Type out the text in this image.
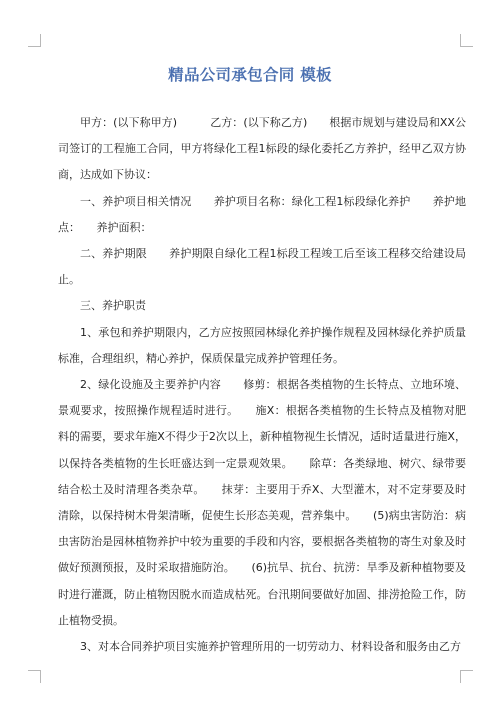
精品公司承包合同 模板

甲方：(以下称甲方)　　　乙方：(以下称乙方)　　根据市规划与建设局和XX公司签订的工程施工合同，甲方将绿化工程1标段的绿化委托乙方养护，经甲乙双方协商，达成如下协议：

一、养护项目相关情况　　养护项目名称：绿化工程1标段绿化养护　　养护地点：　　养护面积：

二、养护期限　　养护期限自绿化工程1标段工程竣工后至该工程移交给建设局止。

三、养护职责

1、承包和养护期限内，乙方应按照园林绿化养护操作规程及园林绿化养护质量标准，合理组织，精心养护，保质保量完成养护管理任务。

2、绿化设施及主要养护内容　　修剪：根据各类植物的生长特点、立地环境、景观要求，按照操作规程适时进行。　　施X：根据各类植物的生长特点及植物对肥料的需要，要求年施X不得少于2次以上，新种植物视生长情况，适时适量进行施X，以保持各类植物的生长旺盛达到一定景观效果。　　除草：各类绿地、树穴、绿带要结合松土及时清理各类杂草。　　抹芽：主要用于乔X、大型灌木，对不定芽要及时清除，以保持树木骨架清晰，促使生长形态美观，营养集中。　　(5)病虫害防治：病虫害防治是园林植物养护中较为重要的手段和内容，要根据各类植物的寄生对象及时做好预测预报，及时采取措施防治。　　(6)抗旱、抗台、抗涝：旱季及新种植物要及时进行灌溉，防止植物因脱水而造成枯死。台汛期间要做好加固、排涝抢险工作，防止植物受损。

3、对本合同养护项目实施养护管理所用的一切劳动力、材料设备和服务由乙方
